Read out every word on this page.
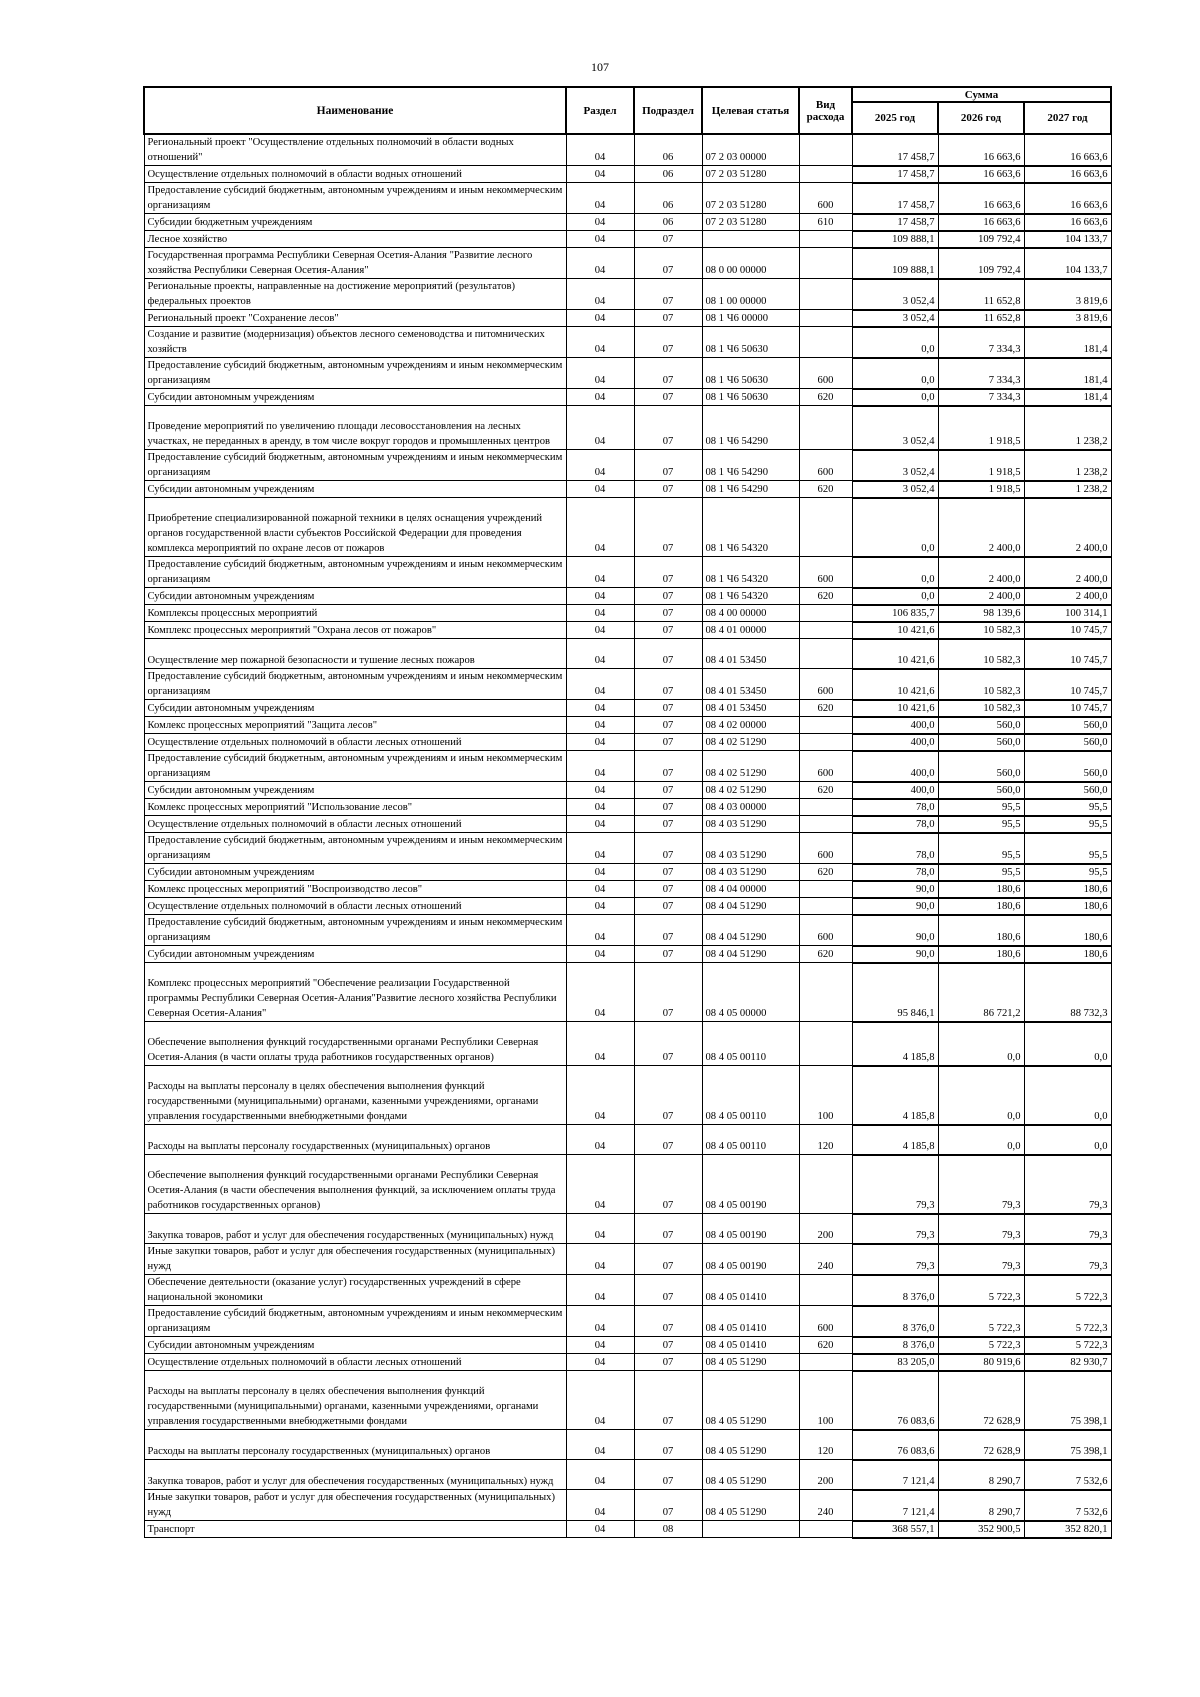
107
Наименование	Раздел	Подраздел	Целевая статья	Вид расхода	Сумма		
					2025 год	2026 год	2027 год
Региональный проект "Осуществление отдельных полномочий в области водных отношений"	04	06	07 2 03 00000		17 458,7	16 663,6	16 663,6
Осуществление отдельных полномочий в области водных отношений	04	06	07 2 03 51280		17 458,7	16 663,6	16 663,6
Предоставление субсидий бюджетным, автономным учреждениям и иным некоммерческим организациям	04	06	07 2 03 51280	600	17 458,7	16 663,6	16 663,6
Субсидии бюджетным учреждениям	04	06	07 2 03 51280	610	17 458,7	16 663,6	16 663,6
Лесное хозяйство	04	07			109 888,1	109 792,4	104 133,7
Государственная программа Республики Северная Осетия-Алания "Развитие лесного хозяйства Республики Северная Осетия-Алания"	04	07	08 0 00 00000		109 888,1	109 792,4	104 133,7
Региональные проекты, направленные на достижение мероприятий (результатов) федеральных проектов	04	07	08 1 00 00000		3 052,4	11 652,8	3 819,6
Региональный проект "Сохранение лесов"	04	07	08 1 Ч6 00000		3 052,4	11 652,8	3 819,6
Создание и развитие (модернизация) объектов лесного семеноводства и питомнических хозяйств	04	07	08 1 Ч6 50630		0,0	7 334,3	181,4
Предоставление субсидий бюджетным, автономным учреждениям и иным некоммерческим организациям	04	07	08 1 Ч6 50630	600	0,0	7 334,3	181,4
Субсидии автономным учреждениям	04	07	08 1 Ч6 50630	620	0,0	7 334,3	181,4
Проведение мероприятий по увеличению площади лесовосстановления на лесных участках, не переданных в аренду, в том числе вокруг городов и промышленных центров	04	07	08 1 Ч6 54290		3 052,4	1 918,5	1 238,2
Предоставление субсидий бюджетным, автономным учреждениям и иным некоммерческим организациям	04	07	08 1 Ч6 54290	600	3 052,4	1 918,5	1 238,2
Субсидии автономным учреждениям	04	07	08 1 Ч6 54290	620	3 052,4	1 918,5	1 238,2
Приобретение специализированной пожарной техники в целях оснащения учреждений органов государственной власти субъектов Российской Федерации для проведения комплекса мероприятий по охране лесов от пожаров	04	07	08 1 Ч6 54320		0,0	2 400,0	2 400,0
Предоставление субсидий бюджетным, автономным учреждениям и иным некоммерческим организациям	04	07	08 1 Ч6 54320	600	0,0	2 400,0	2 400,0
Субсидии автономным учреждениям	04	07	08 1 Ч6 54320	620	0,0	2 400,0	2 400,0
Комплексы процессных мероприятий	04	07	08 4 00 00000		106 835,7	98 139,6	100 314,1
Комплекс процессных мероприятий "Охрана лесов от пожаров"	04	07	08 4 01 00000		10 421,6	10 582,3	10 745,7
Осуществление мер пожарной безопасности и тушение лесных пожаров	04	07	08 4 01 53450		10 421,6	10 582,3	10 745,7
Предоставление субсидий бюджетным, автономным учреждениям и иным некоммерческим организациям	04	07	08 4 01 53450	600	10 421,6	10 582,3	10 745,7
Субсидии автономным учреждениям	04	07	08 4 01 53450	620	10 421,6	10 582,3	10 745,7
Комлекс процессных мероприятий "Защита лесов"	04	07	08 4 02 00000		400,0	560,0	560,0
Осуществление отдельных полномочий в области лесных отношений	04	07	08 4 02 51290		400,0	560,0	560,0
Предоставление субсидий бюджетным, автономным учреждениям и иным некоммерческим организациям	04	07	08 4 02 51290	600	400,0	560,0	560,0
Субсидии автономным учреждениям	04	07	08 4 02 51290	620	400,0	560,0	560,0
Комлекс процессных мероприятий "Использование лесов"	04	07	08 4 03 00000		78,0	95,5	95,5
Осуществление отдельных полномочий в области лесных отношений	04	07	08 4 03 51290		78,0	95,5	95,5
Предоставление субсидий бюджетным, автономным учреждениям и иным некоммерческим организациям	04	07	08 4 03 51290	600	78,0	95,5	95,5
Субсидии автономным учреждениям	04	07	08 4 03 51290	620	78,0	95,5	95,5
Комлекс процессных мероприятий "Воспроизводство лесов"	04	07	08 4 04 00000		90,0	180,6	180,6
Осуществление отдельных полномочий в области лесных отношений	04	07	08 4 04 51290		90,0	180,6	180,6
Предоставление субсидий бюджетным, автономным учреждениям и иным некоммерческим организациям	04	07	08 4 04 51290	600	90,0	180,6	180,6
Субсидии автономным учреждениям	04	07	08 4 04 51290	620	90,0	180,6	180,6
Комплекс процессных мероприятий "Обеспечение реализации Государственной программы Республики Северная Осетия-Алания"Развитие лесного хозяйства Республики Северная Осетия-Алания"	04	07	08 4 05 00000		95 846,1	86 721,2	88 732,3
Обеспечение выполнения функций государственными органами Республики Северная Осетия-Алания (в части оплаты труда работников государственных органов)	04	07	08 4 05 00110		4 185,8	0,0	0,0
Расходы на выплаты персоналу в целях обеспечения выполнения функций государственными (муниципальными) органами, казенными учреждениями, органами управления государственными внебюджетными фондами	04	07	08 4 05 00110	100	4 185,8	0,0	0,0
Расходы на выплаты персоналу государственных (муниципальных) органов	04	07	08 4 05 00110	120	4 185,8	0,0	0,0
Обеспечение выполнения функций государственными органами Республики Северная Осетия-Алания (в части обеспечения выполнения функций, за исключением оплаты труда работников государственных органов)	04	07	08 4 05 00190		79,3	79,3	79,3
Закупка товаров, работ и услуг для обеспечения государственных (муниципальных) нужд	04	07	08 4 05 00190	200	79,3	79,3	79,3
Иные закупки товаров, работ и услуг для обеспечения государственных (муниципальных) нужд	04	07	08 4 05 00190	240	79,3	79,3	79,3
Обеспечение деятельности (оказание услуг) государственных учреждений в сфере национальной экономики	04	07	08 4 05 01410		8 376,0	5 722,3	5 722,3
Предоставление субсидий бюджетным, автономным учреждениям и иным некоммерческим организациям	04	07	08 4 05 01410	600	8 376,0	5 722,3	5 722,3
Субсидии автономным учреждениям	04	07	08 4 05 01410	620	8 376,0	5 722,3	5 722,3
Осуществление отдельных полномочий в области лесных отношений	04	07	08 4 05 51290		83 205,0	80 919,6	82 930,7
Расходы на выплаты персоналу в целях обеспечения выполнения функций государственными (муниципальными) органами, казенными учреждениями, органами управления государственными внебюджетными фондами	04	07	08 4 05 51290	100	76 083,6	72 628,9	75 398,1
Расходы на выплаты персоналу государственных (муниципальных) органов	04	07	08 4 05 51290	120	76 083,6	72 628,9	75 398,1
Закупка товаров, работ и услуг для обеспечения государственных (муниципальных) нужд	04	07	08 4 05 51290	200	7 121,4	8 290,7	7 532,6
Иные закупки товаров, работ и услуг для обеспечения государственных (муниципальных) нужд	04	07	08 4 05 51290	240	7 121,4	8 290,7	7 532,6
Транспорт	04	08			368 557,1	352 900,5	352 820,1
